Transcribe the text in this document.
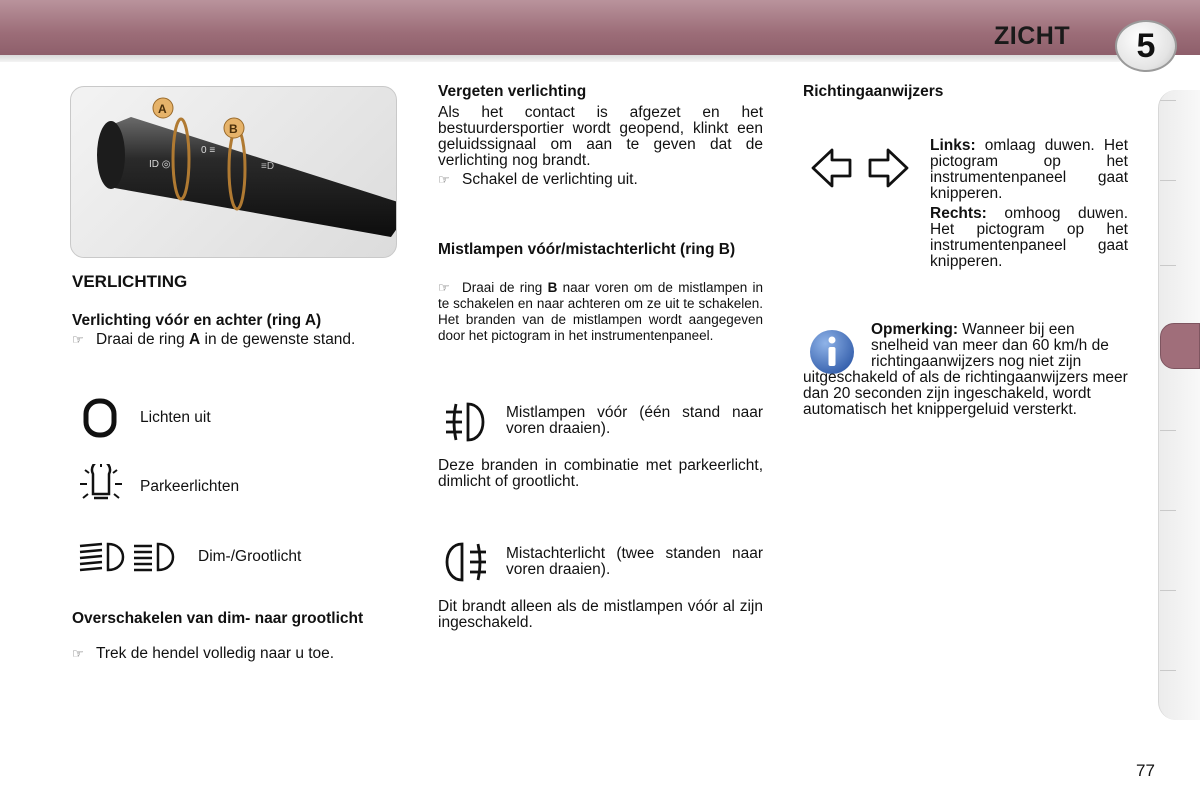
ZICHT 5
ID ◎
0 ≡
≡D
A
B
VERLICHTING
Verlichting vóór en achter (ring A)
☞ Draai de ring A in de gewenste stand.
Lichten uit
Parkeerlichten
Dim-/Grootlicht
Overschakelen van dim- naar grootlicht
☞ Trek de hendel volledig naar u toe.
Vergeten verlichting
Als het contact is afgezet en het bestuurdersportier wordt geopend, klinkt een geluidssignaal om aan te geven dat de verlichting nog brandt.
☞ Schakel de verlichting uit.
Mistlampen vóór/mistachterlicht (ring B)
☞ Draai de ring B naar voren om de mistlampen in te schakelen en naar achteren om ze uit te schakelen. Het branden van de mistlampen wordt aangegeven door het pictogram in het instrumentenpaneel.
Mistlampen vóór (één stand naar voren draaien).
Deze branden in combinatie met parkeerlicht, dimlicht of grootlicht.
Mistachterlicht (twee standen naar voren draaien).
Dit brandt alleen als de mistlampen vóór al zijn ingeschakeld.
Richtingaanwijzers
Links: omlaag duwen. Het pictogram op het instrumentenpaneel gaat knipperen.
Rechts: omhoog duwen. Het pictogram op het instrumentenpaneel gaat knipperen.
Opmerking: Wanneer bij een snelheid van meer dan 60 km/h de richtingaanwijzers nog niet zijn uitgeschakeld of als de richtingaanwijzers meer dan 20 seconden zijn ingeschakeld, wordt automatisch het knippergeluid versterkt.
77
